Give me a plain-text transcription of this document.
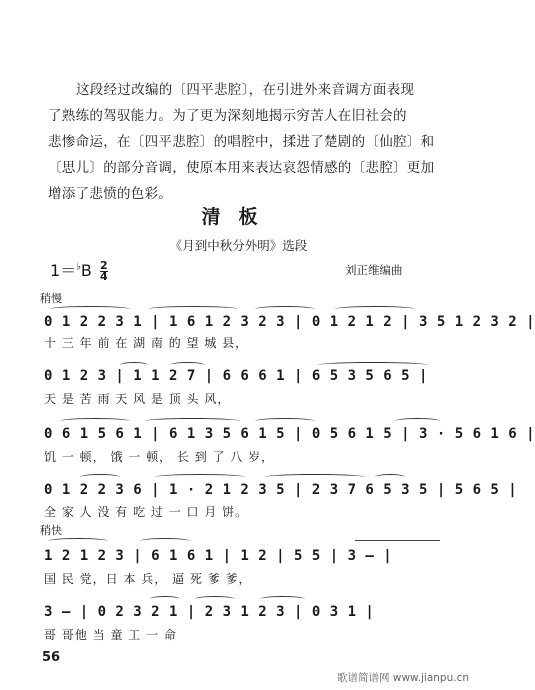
这段经过改编的〔四平悲腔〕，在引进外来音调方面表现
了熟练的驾驭能力。为了更为深刻地揭示穷苦人在旧社会的
悲惨命运，在〔四平悲腔〕的唱腔中，揉进了楚剧的〔仙腔〕和
〔思儿〕的部分音调，使原本用来表达哀怨情感的〔悲腔〕更加
增添了悲愤的色彩。
清板
《月到中秋分外明》选段
$1=^♭B \frac{2}{4}$	刘正维编曲
稍慢
0 1 2 2 3 1 | 1 6 1 2 3 2 3 | 0 1 2 1 2 | 3 5 1 2 3 2 |
十 三 年 前 在 湖 南 的 望 城 县，
0 1 2 3 | 1 1 2 7 | 6 6 6 1 | 6 5 3 5 6 5 |
天 是 苦 雨 天 风 是 顶 头 风，
0 6 1 5 6 1 | 6 1 3 5 6 1 5 | 0 5 6 1 5 | 3 · 5 6 1 6 |
饥 一 顿， 饿 一 顿， 长 到 了 八 岁，
0 1 2 2 3 6 | 1 · 2 1 2 3 5 | 2 3 7 6 5 3 5 | 5 6 5 |
全 家 人 没 有 吃 过 一 口 月 饼。
稍快
1 2 1 2 3 | 6 1 6 1 | 1 2 | 5 5 | 3 — |
国 民 党，日 本 兵， 逼 死 爹 爹，
3 — | 0 2 3 2 1 | 2 3 1 2 3 | 0 3 1 |
哥 哥他 当 童 工 一 命
56
歌谱简谱网 www.jianpu.cn
